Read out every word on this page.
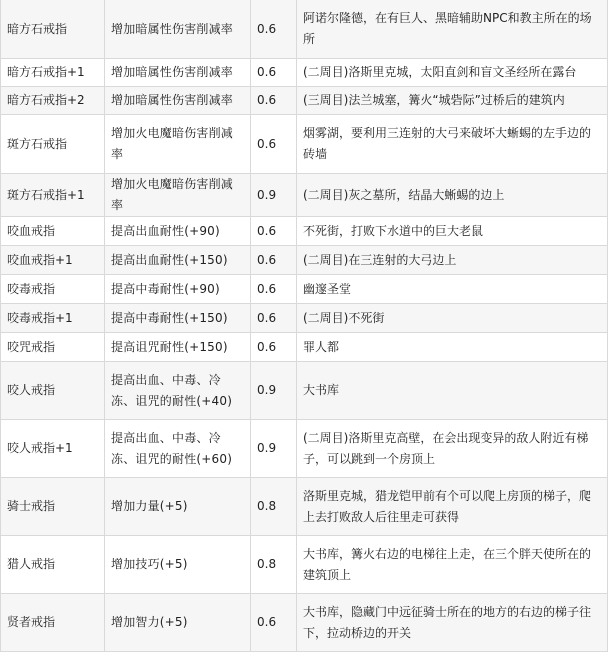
暗方石戒指	增加暗属性伤害削减率	0.6	阿诺尔隆德，在有巨人、黑暗辅助NPC和教主所在的场所
暗方石戒指+1	增加暗属性伤害削减率	0.6	(二周目)洛斯里克城，太阳直剑和盲文圣经所在露台
暗方石戒指+2	增加暗属性伤害削减率	0.6	(三周目)法兰城塞，篝火“城砦际”过桥后的建筑内
斑方石戒指	增加火电魔暗伤害削减率	0.6	烟雾湖，要利用三连射的大弓来破坏大蜥蜴的左手边的砖墙
斑方石戒指+1	增加火电魔暗伤害削减率	0.9	(二周目)灰之墓所，结晶大蜥蜴的边上
咬血戒指	提高出血耐性(+90)	0.6	不死街，打败下水道中的巨大老鼠
咬血戒指+1	提高出血耐性(+150)	0.6	(二周目)在三连射的大弓边上
咬毒戒指	提高中毒耐性(+90)	0.6	幽邃圣堂
咬毒戒指+1	提高中毒耐性(+150)	0.6	(二周目)不死街
咬咒戒指	提高诅咒耐性(+150)	0.6	罪人都
咬人戒指	提高出血、中毒、冷冻、诅咒的耐性(+40)	0.9	大书库
咬人戒指+1	提高出血、中毒、冷冻、诅咒的耐性(+60)	0.9	(二周目)洛斯里克高壁，在会出现变异的敌人附近有梯子，可以跳到一个房顶上
骑士戒指	增加力量(+5)	0.8	洛斯里克城，猎龙铠甲前有个可以爬上房顶的梯子，爬上去打败敌人后往里走可获得
猎人戒指	增加技巧(+5)	0.8	大书库，篝火右边的电梯往上走，在三个胖天使所在的建筑顶上
贤者戒指	增加智力(+5)	0.6	大书库，隐藏门中远征骑士所在的地方的右边的梯子往下，拉动桥边的开关
